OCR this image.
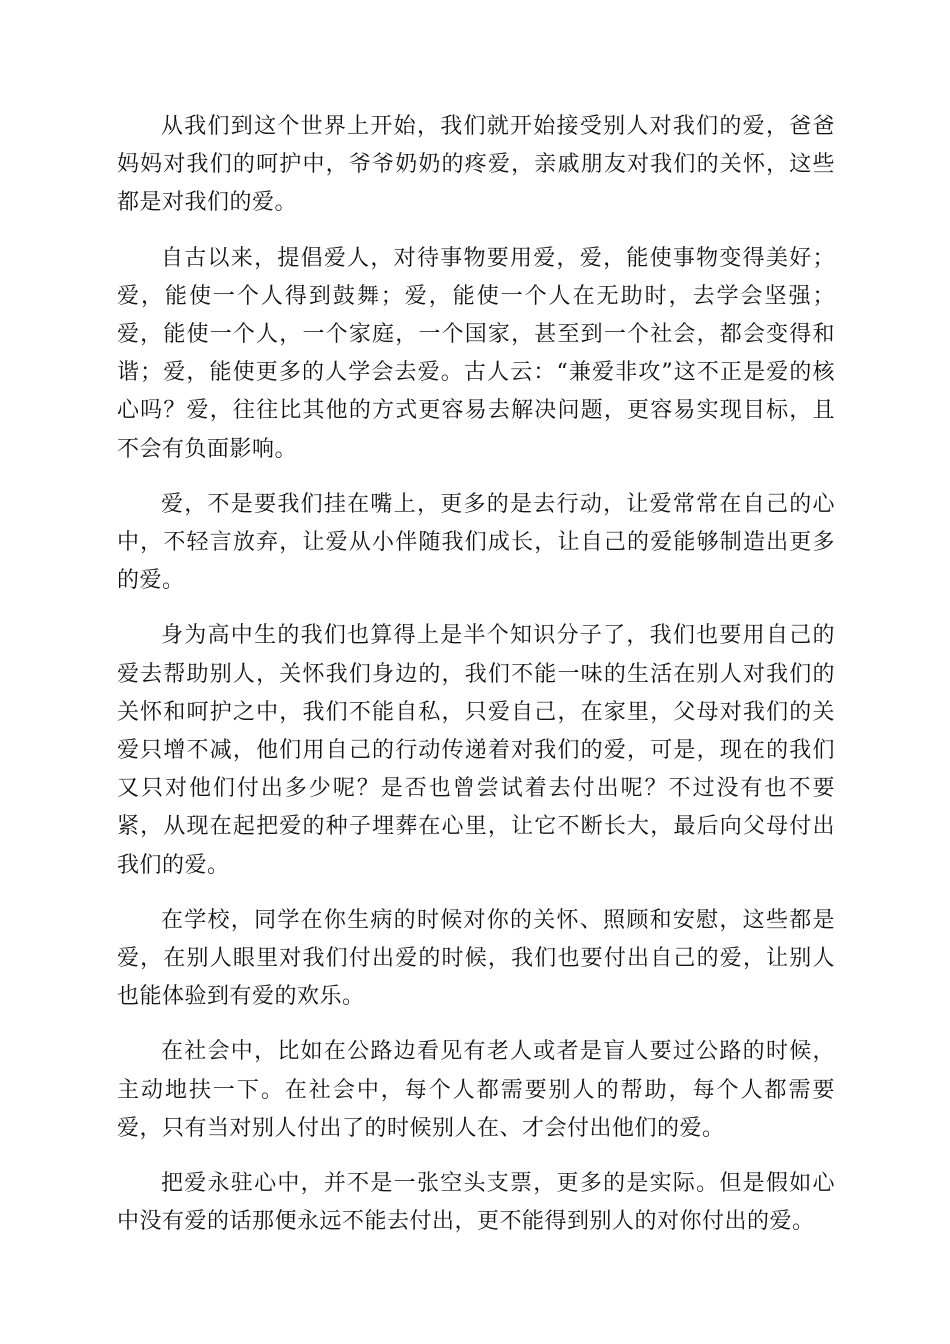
从我们到这个世界上开始，我们就开始接受别人对我们的爱，爸爸妈妈对我们的呵护中，爷爷奶奶的疼爱，亲戚朋友对我们的关怀，这些都是对我们的爱。

自古以来，提倡爱人，对待事物要用爱，爱，能使事物变得美好；爱，能使一个人得到鼓舞；爱，能使一个人在无助时，去学会坚强；爱，能使一个人，一个家庭，一个国家，甚至到一个社会，都会变得和谐；爱，能使更多的人学会去爱。古人云：“兼爱非攻”这不正是爱的核心吗？爱，往往比其他的方式更容易去解决问题，更容易实现目标，且不会有负面影响。

爱，不是要我们挂在嘴上，更多的是去行动，让爱常常在自己的心中，不轻言放弃，让爱从小伴随我们成长，让自己的爱能够制造出更多的爱。

身为高中生的我们也算得上是半个知识分子了，我们也要用自己的爱去帮助别人，关怀我们身边的，我们不能一味的生活在别人对我们的关怀和呵护之中，我们不能自私，只爱自己，在家里，父母对我们的关爱只增不减，他们用自己的行动传递着对我们的爱，可是，现在的我们又只对他们付出多少呢？是否也曾尝试着去付出呢？不过没有也不要紧，从现在起把爱的种子埋葬在心里，让它不断长大，最后向父母付出我们的爱。

在学校，同学在你生病的时候对你的关怀、照顾和安慰，这些都是爱，在别人眼里对我们付出爱的时候，我们也要付出自己的爱，让别人也能体验到有爱的欢乐。

在社会中，比如在公路边看见有老人或者是盲人要过公路的时候，主动地扶一下。在社会中，每个人都需要别人的帮助，每个人都需要爱，只有当对别人付出了的时候别人在、才会付出他们的爱。

把爱永驻心中，并不是一张空头支票，更多的是实际。但是假如心中没有爱的话那便永远不能去付出，更不能得到别人的对你付出的爱。
